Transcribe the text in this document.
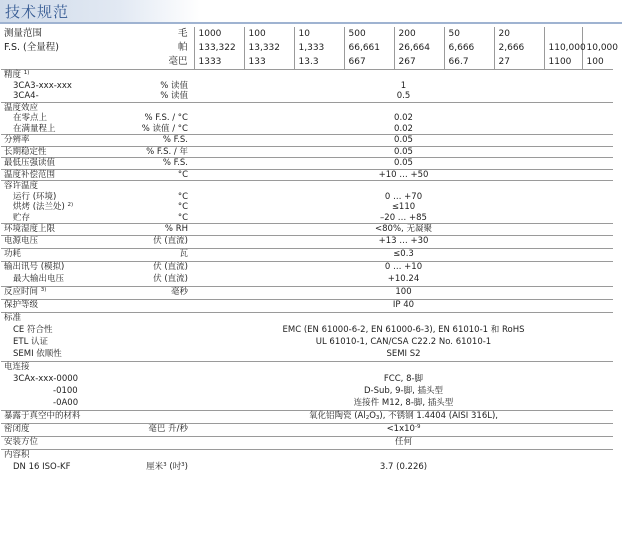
技术规范
测量范围	毛	1000	100	10	500	200	50	20		
F.S. (全量程)	帕	133,322	13,332	1,333	66,661	26,664	6,666	2,666	110,000	10,000
	毫巴	1333	133	13.3	667	267	66.7	27	1100	100
精度 $^{1)}$
3CA3-xxx-xxx	% 读值	1								
3CA4-	% 读值	0.5								
温度效应										
在零点上	% F.S. / °C	0.02								
在满量程上	% 读值 / °C	0.02								
分辨率	% F.S.	0.05								
长期稳定性	% F.S. / 年	0.05								
最低压强读值	% F.S.	0.05								
温度补偿范围	°C	+10 … +50								
容许温度										
运行 (环境)	°C	0 … +70								
烘烤 (法兰处) $^{2)}$	°C	≤110								
贮存	°C	–20 … +85								
环境湿度上限	% RH	<80%, 无凝聚								
电源电压	伏 (直流)	+13 … +30								
功耗	瓦	≤0.3								
输出讯号 (模拟)	伏 (直流)	0 … +10								
最大输出电压	伏 (直流)	+10.24								
反应时间 $^{3)}$	毫秒	100								
保护等级		IP 40								
标准										
CE 符合性		EMC (EN 61000-6-2, EN 61000-6-3), EN 61010-1 和 RoHS								
ETL 认证		UL 61010-1, CAN/CSA C22.2 No. 61010-1								
SEMI 依顺性		SEMI S2								
电连接										
3CAx-xxx-0000		FCC, 8-脚								
-0100		D-Sub, 9-脚, 插头型								
-0A00		连接件 M12, 8-脚, 插头型								
暴露于真空中的材料		氧化铝陶瓷 $(Al_2O_3)$, 不锈钢 1.4404 (AISI 316L),								
密闭度	毫巴 升/秒	$<1x10^{-9}$
安装方位		任何								
内容积										
DN 16 ISO-KF	厘米$^3$ (吋$^3$)	3.7 (0.226)								
